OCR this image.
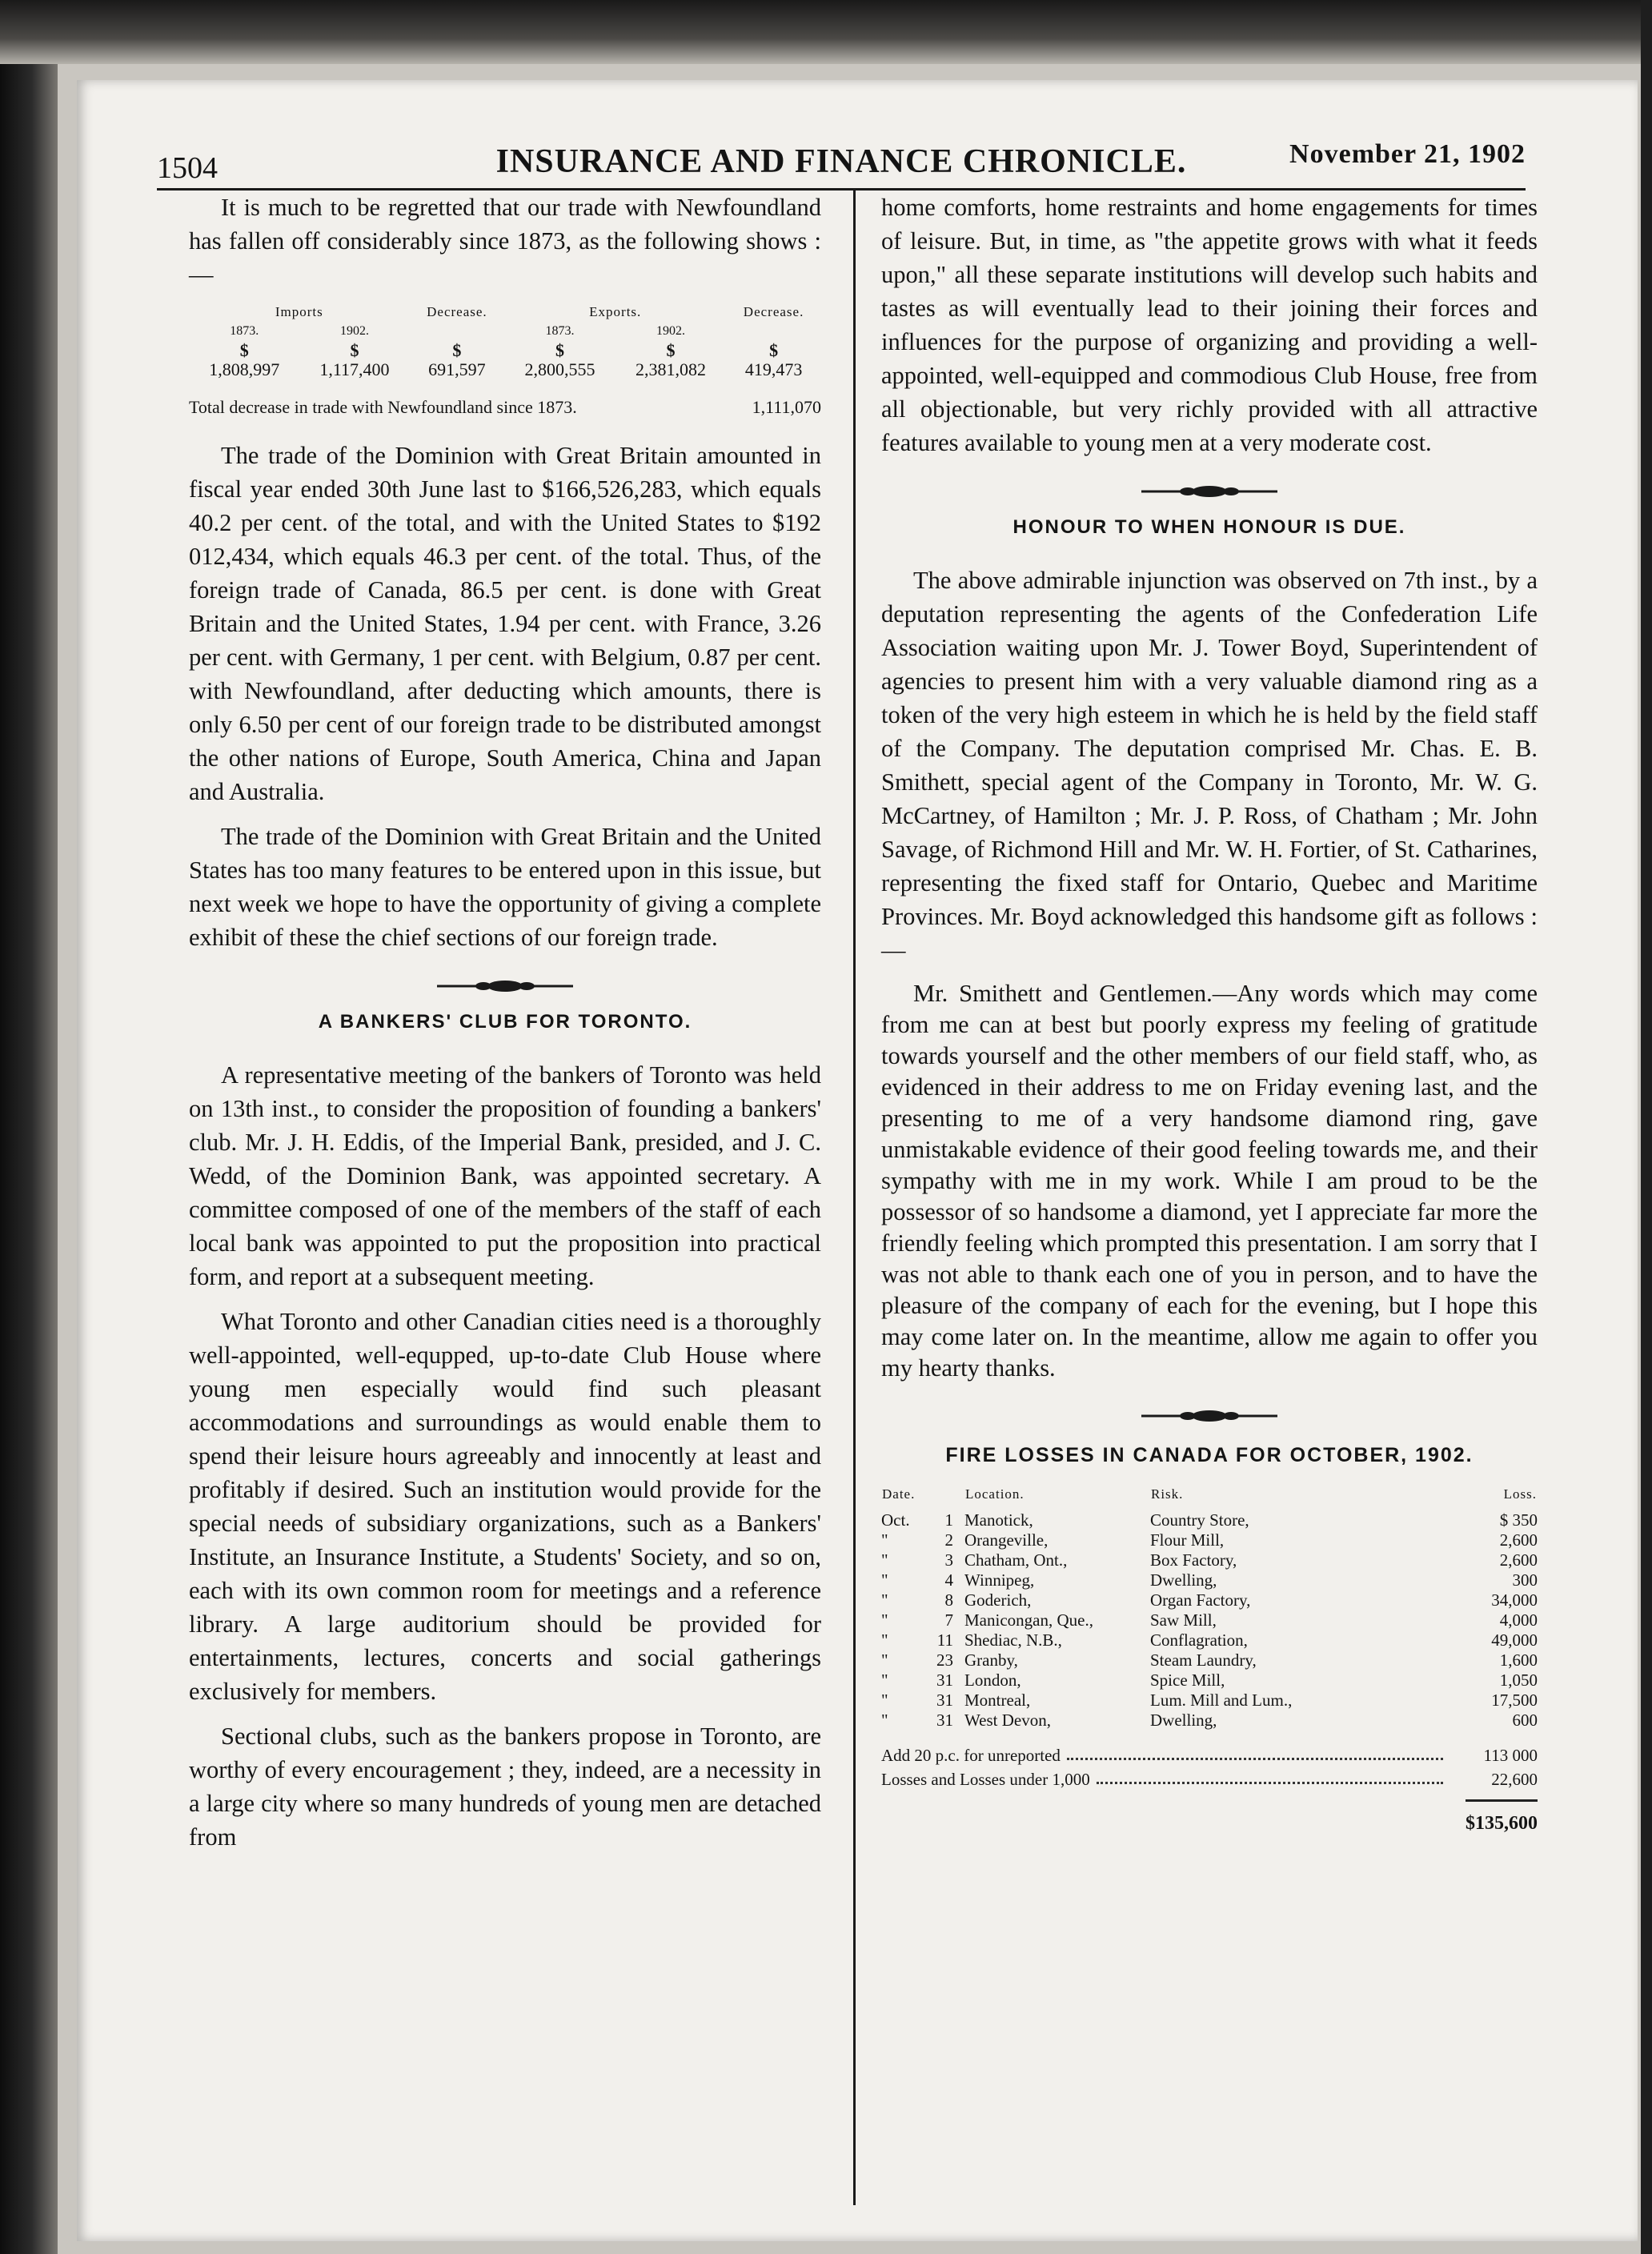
1504	INSURANCE AND FINANCE CHRONICLE.	November 21, 1902

It is much to be regretted that our trade with Newfoundland has fallen off considerably since 1873, as the following shows :—

Imports		Decrease.	Exports.		Decrease.
1873.	1902.		1873.	1902.	
$	$	$	$	$	$
1,808,997	1,117,400	691,597	2,800,555	2,381,082	419,473
Total decrease in trade with Newfoundland since 1873.	1,111,070

The trade of the Dominion with Great Britain amounted in fiscal year ended 30th June last to $166,526,283, which equals 40.2 per cent. of the total, and with the United States to $192 012,434, which equals 46.3 per cent. of the total. Thus, of the foreign trade of Canada, 86.5 per cent. is done with Great Britain and the United States, 1.94 per cent. with France, 3.26 per cent. with Germany, 1 per cent. with Belgium, 0.87 per cent. with Newfoundland, after deducting which amounts, there is only 6.50 per cent of our foreign trade to be distributed amongst the other nations of Europe, South America, China and Japan and Australia.

The trade of the Dominion with Great Britain and the United States has too many features to be entered upon in this issue, but next week we hope to have the opportunity of giving a complete exhibit of these the chief sections of our foreign trade.

A BANKERS' CLUB FOR TORONTO.

A representative meeting of the bankers of Toronto was held on 13th inst., to consider the proposition of founding a bankers' club. Mr. J. H. Eddis, of the Imperial Bank, presided, and J. C. Wedd, of the Dominion Bank, was appointed secretary. A committee composed of one of the members of the staff of each local bank was appointed to put the proposition into practical form, and report at a subsequent meeting.

What Toronto and other Canadian cities need is a thoroughly well-appointed, well-equpped, up-to-date Club House where young men especially would find such pleasant accommodations and surroundings as would enable them to spend their leisure hours agreeably and innocently at least and profitably if desired. Such an institution would provide for the special needs of subsidiary organizations, such as a Bankers' Institute, an Insurance Institute, a Students' Society, and so on, each with its own common room for meetings and a reference library. A large auditorium should be provided for entertainments, lectures, concerts and social gatherings exclusively for members.

Sectional clubs, such as the bankers propose in Toronto, are worthy of every encouragement ; they, indeed, are a necessity in a large city where so many hundreds of young men are detached from

home comforts, home restraints and home engagements for times of leisure. But, in time, as "the appetite grows with what it feeds upon," all these separate institutions will develop such habits and tastes as will eventually lead to their joining their forces and influences for the purpose of organizing and providing a well-appointed, well-equipped and commodious Club House, free from all objectionable, but very richly provided with all attractive features available to young men at a very moderate cost.

HONOUR TO WHEN HONOUR IS DUE.

The above admirable injunction was observed on 7th inst., by a deputation representing the agents of the Confederation Life Association waiting upon Mr. J. Tower Boyd, Superintendent of agencies to present him with a very valuable diamond ring as a token of the very high esteem in which he is held by the field staff of the Company. The deputation comprised Mr. Chas. E. B. Smithett, special agent of the Company in Toronto, Mr. W. G. McCartney, of Hamilton ; Mr. J. P. Ross, of Chatham ; Mr. John Savage, of Richmond Hill and Mr. W. H. Fortier, of St. Catharines, representing the fixed staff for Ontario, Quebec and Maritime Provinces. Mr. Boyd acknowledged this handsome gift as follows :—

Mr. Smithett and Gentlemen.—Any words which may come from me can at best but poorly express my feeling of gratitude towards yourself and the other members of our field staff, who, as evidenced in their address to me on Friday evening last, and the presenting to me of a very handsome diamond ring, gave unmistakable evidence of their good feeling towards me, and their sympathy with me in my work. While I am proud to be the possessor of so handsome a diamond, yet I appreciate far more the friendly feeling which prompted this presentation. I am sorry that I was not able to thank each one of you in person, and to have the pleasure of the company of each for the evening, but I hope this may come later on. In the meantime, allow me again to offer you my hearty thanks.

FIRE LOSSES IN CANADA FOR OCTOBER, 1902.
Date.		Location.	Risk.	Loss.
Oct.	1	Manotick,	Country Store,	$ 350
"	2	Orangeville,	Flour Mill,	2,600
"	3	Chatham, Ont.,	Box Factory,	2,600
"	4	Winnipeg,	Dwelling,	300
"	8	Goderich,	Organ Factory,	34,000
"	7	Manicongan, Que.,	Saw Mill,	4,000
"	11	Shediac, N.B.,	Conflagration,	49,000
"	23	Granby,	Steam Laundry,	1,600
"	31	London,	Spice Mill,	1,050
"	31	Montreal,	Lum. Mill and Lum.,	17,500
"	31	West Devon,	Dwelling,	600
Add 20 p.c. for unreported	113 000
Losses and Losses under 1,000	22,600
$135,600
